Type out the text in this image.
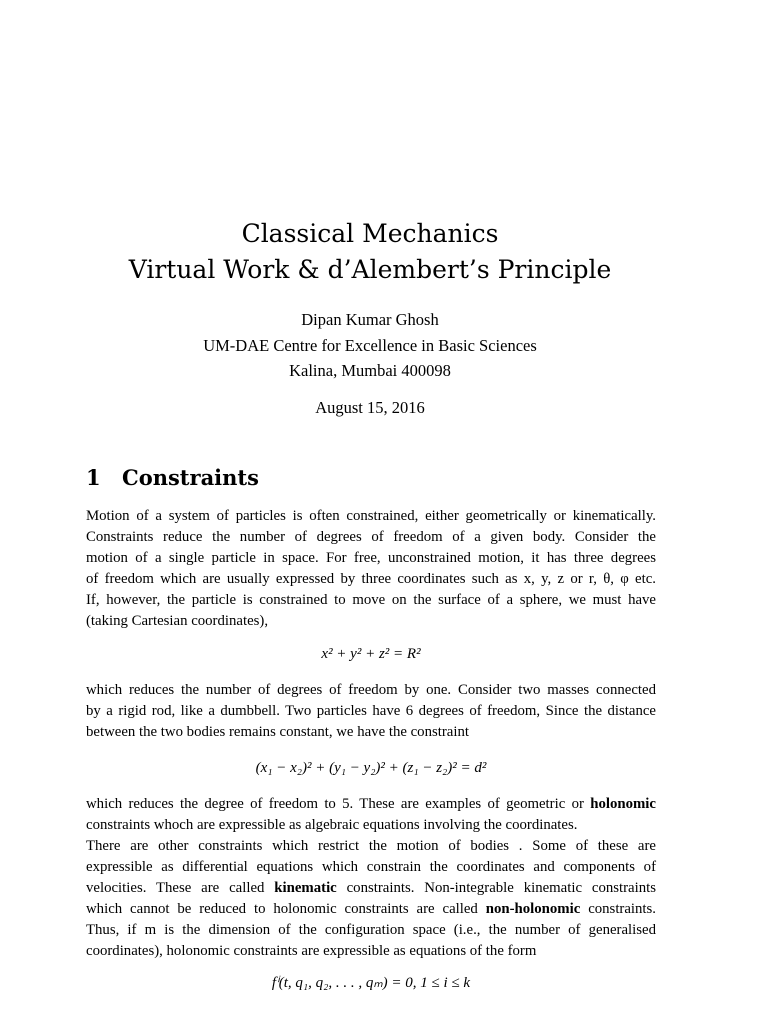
Classical Mechanics
Virtual Work & d’Alembert’s Principle
Dipan Kumar Ghosh
UM-DAE Centre for Excellence in Basic Sciences
Kalina, Mumbai 400098
August 15, 2016
1 Constraints
Motion of a system of particles is often constrained, either geometrically or kinematically.
Constraints reduce the number of degrees of freedom of a given body. Consider the
motion of a single particle in space. For free, unconstrained motion, it has three degrees
of freedom which are usually expressed by three coordinates such as x, y, z or r, θ, φ etc.
If, however, the particle is constrained to move on the surface of a sphere, we must have
(taking Cartesian coordinates),
x² + y² + z² = R²
which reduces the number of degrees of freedom by one. Consider two masses connected
by a rigid rod, like a dumbbell. Two particles have 6 degrees of freedom, Since the distance
between the two bodies remains constant, we have the constraint
(x₁ − x₂)² + (y₁ − y₂)² + (z₁ − z₂)² = d²
which reduces the degree of freedom to 5. These are examples of geometric or holonomic
constraints whoch are expressible as algebraic equations involving the coordinates.
There are other constraints which restrict the motion of bodies . Some of these are
expressible as differential equations which constrain the coordinates and components of
velocities. These are called kinematic constraints. Non-integrable kinematic constraints
which cannot be reduced to holonomic constraints are called non-holonomic constraints.
Thus, if m is the dimension of the configuration space (i.e., the number of generalised
coordinates), holonomic constraints are expressible as equations of the form
fⁱ(t, q₁, q₂, . . . , qₘ) = 0, 1 ≤ i ≤ k
